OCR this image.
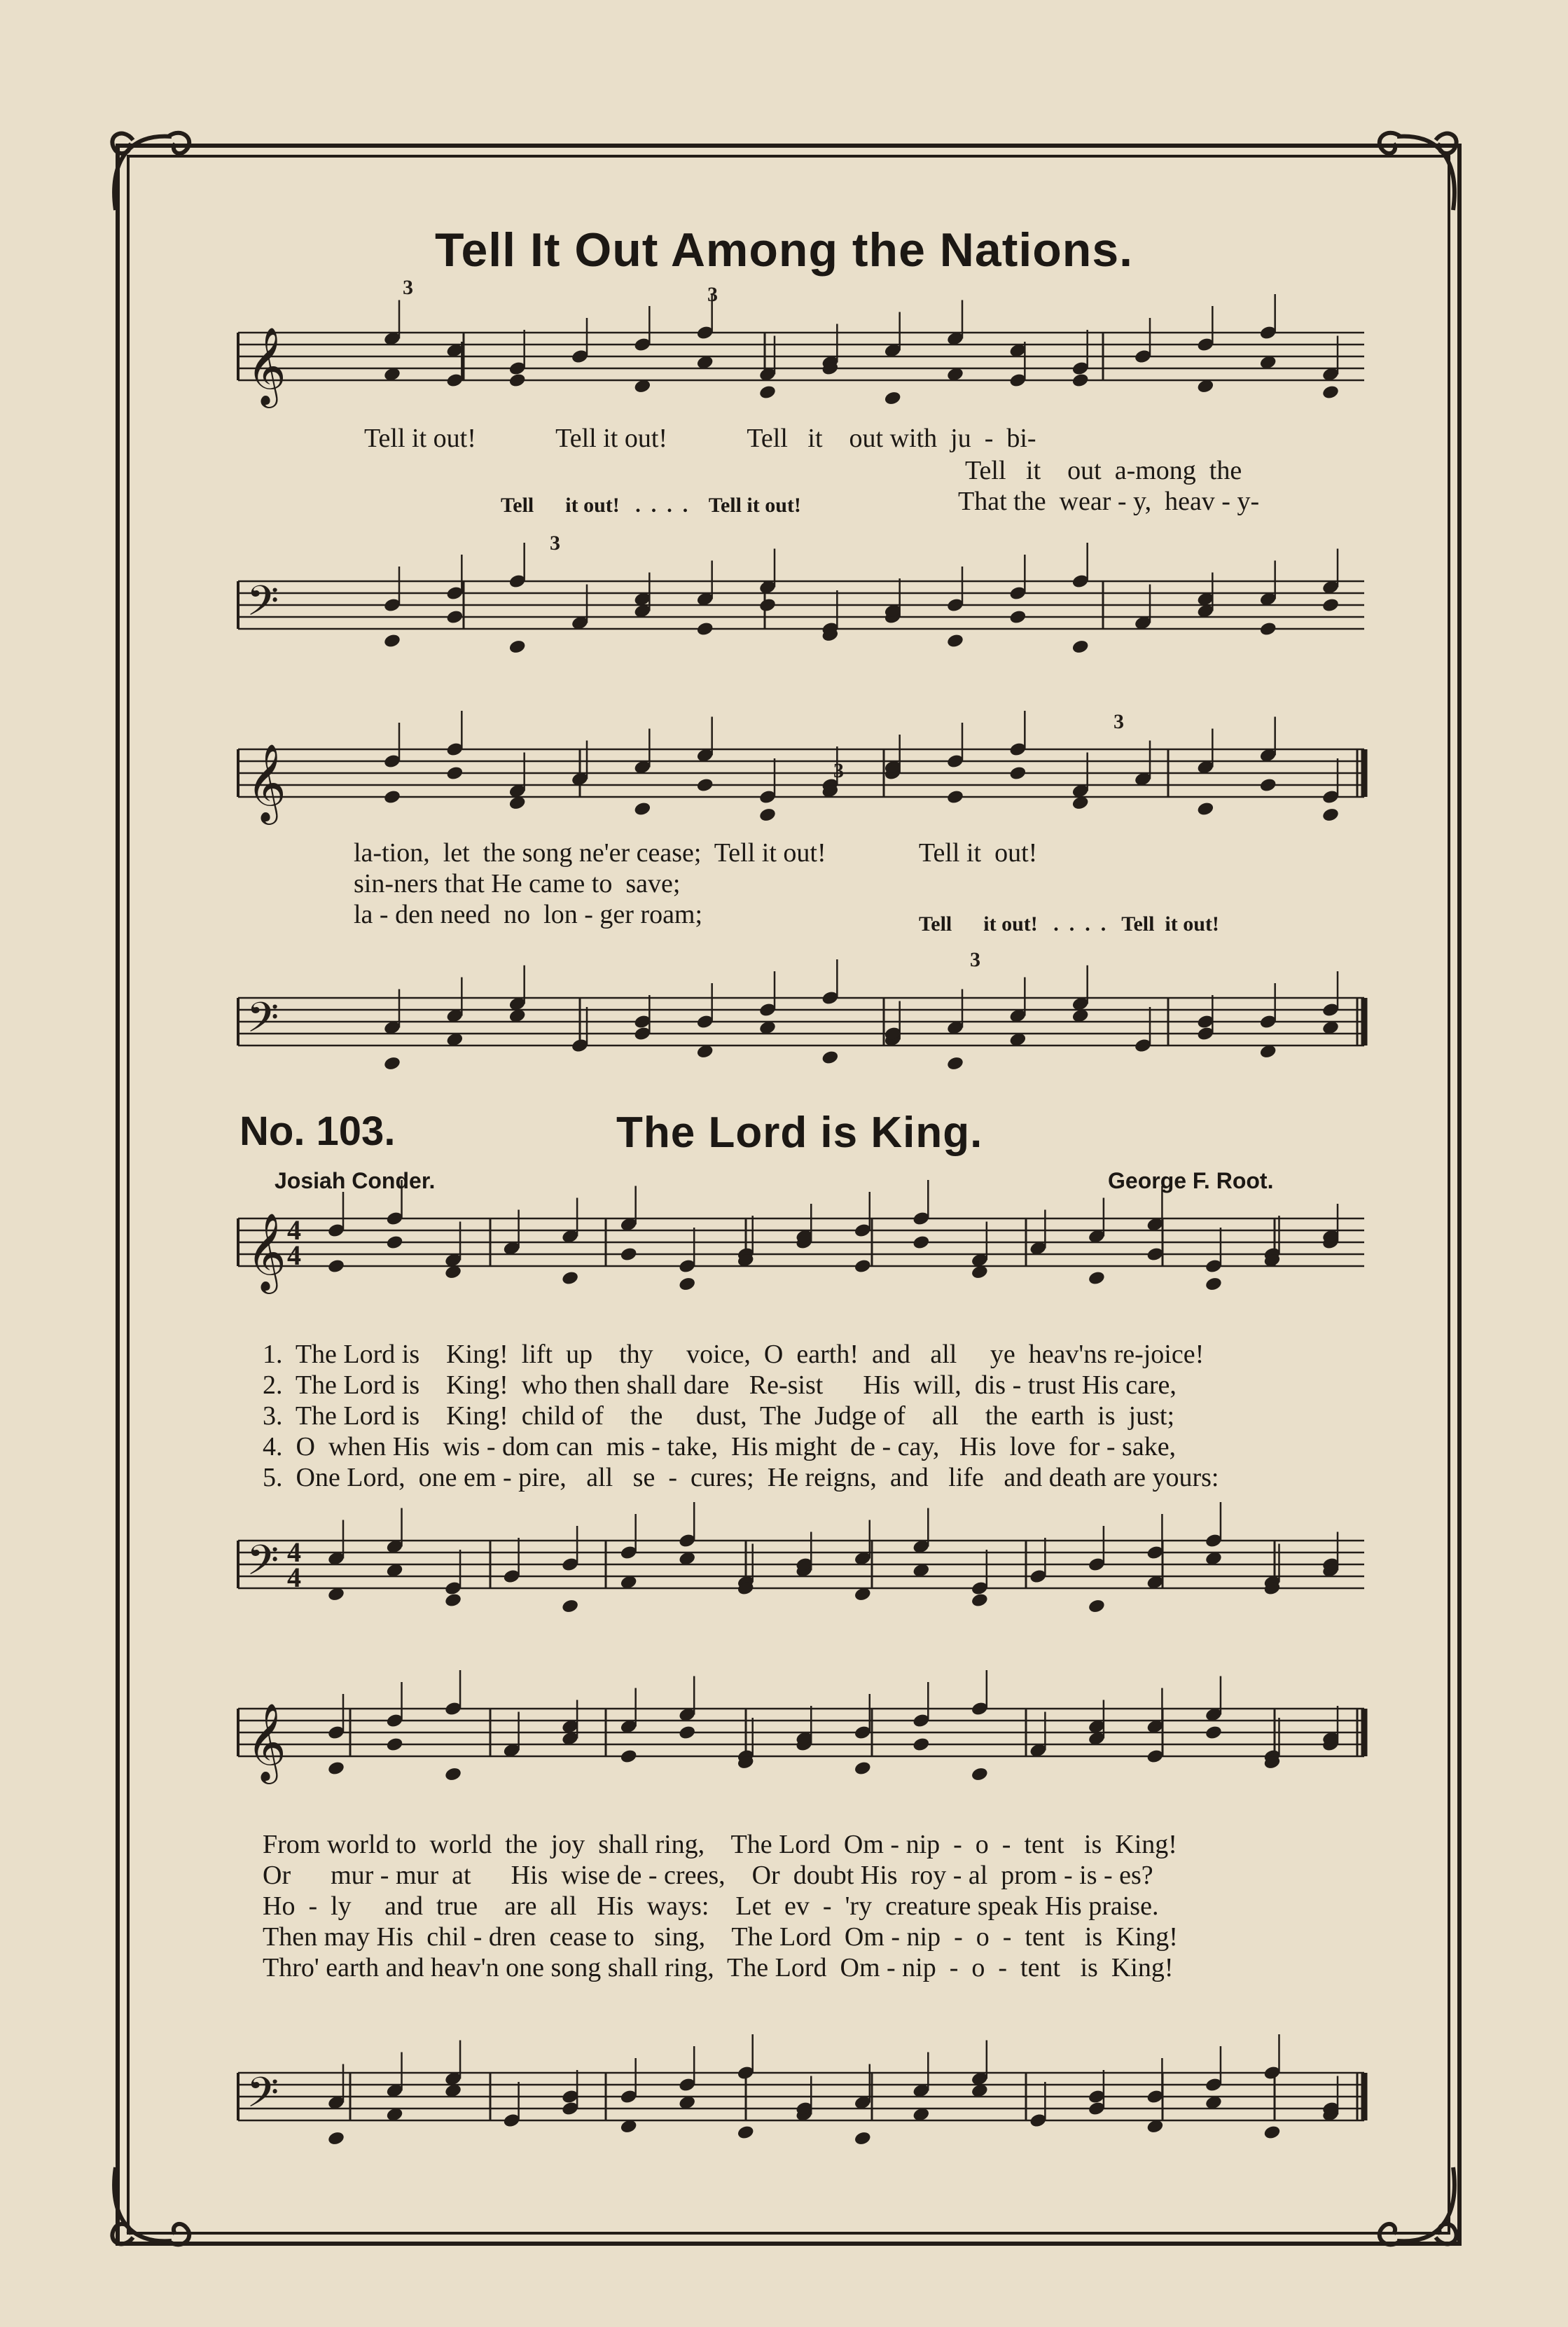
Tell It Out Among the Nations.
𝄞
𝄢
𝄞
𝄢
𝄞
𝄢
𝄞
𝄢
4
4
4
4
3	3
3
3
3
3
Tell it out!            Tell it out!            Tell   it    out with  ju  -  bi-
Tell   it    out  a-mong  the
Tell      it out!   .  .  .  .    Tell it out!	That the  wear - y,  heav - y-
la-tion,  let  the song ne'er cease;  Tell it out!              Tell it  out!
sin-ners that He came to  save;
la - den need  no  lon - ger roam;	Tell      it out!   .  .  .  .   Tell  it out!
No. 103.	The Lord is King.
Josiah Conder.	George F. Root.
1.  The Lord is    King!  lift  up    thy     voice,  O  earth!  and   all     ye  heav'ns re-joice!
2.  The Lord is    King!  who then shall dare   Re-sist      His  will,  dis - trust His care,
3.  The Lord is    King!  child of    the     dust,  The  Judge of    all    the  earth  is  just;
4.  O  when His  wis - dom can  mis - take,  His might  de - cay,   His  love  for - sake,
5.  One Lord,  one em - pire,   all   se  -  cures;  He reigns,  and   life   and death are yours:
From world to  world  the  joy  shall ring,    The Lord  Om - nip  -  o  -  tent   is  King!
Or      mur - mur  at      His  wise de - crees,    Or  doubt His  roy - al  prom - is - es?
Ho  -  ly     and  true    are  all   His  ways:    Let  ev  -  'ry  creature speak His praise.
Then may His  chil - dren  cease to   sing,    The Lord  Om - nip  -  o  -  tent   is  King!
Thro' earth and heav'n one song shall ring,  The Lord  Om - nip  -  o  -  tent   is  King!
